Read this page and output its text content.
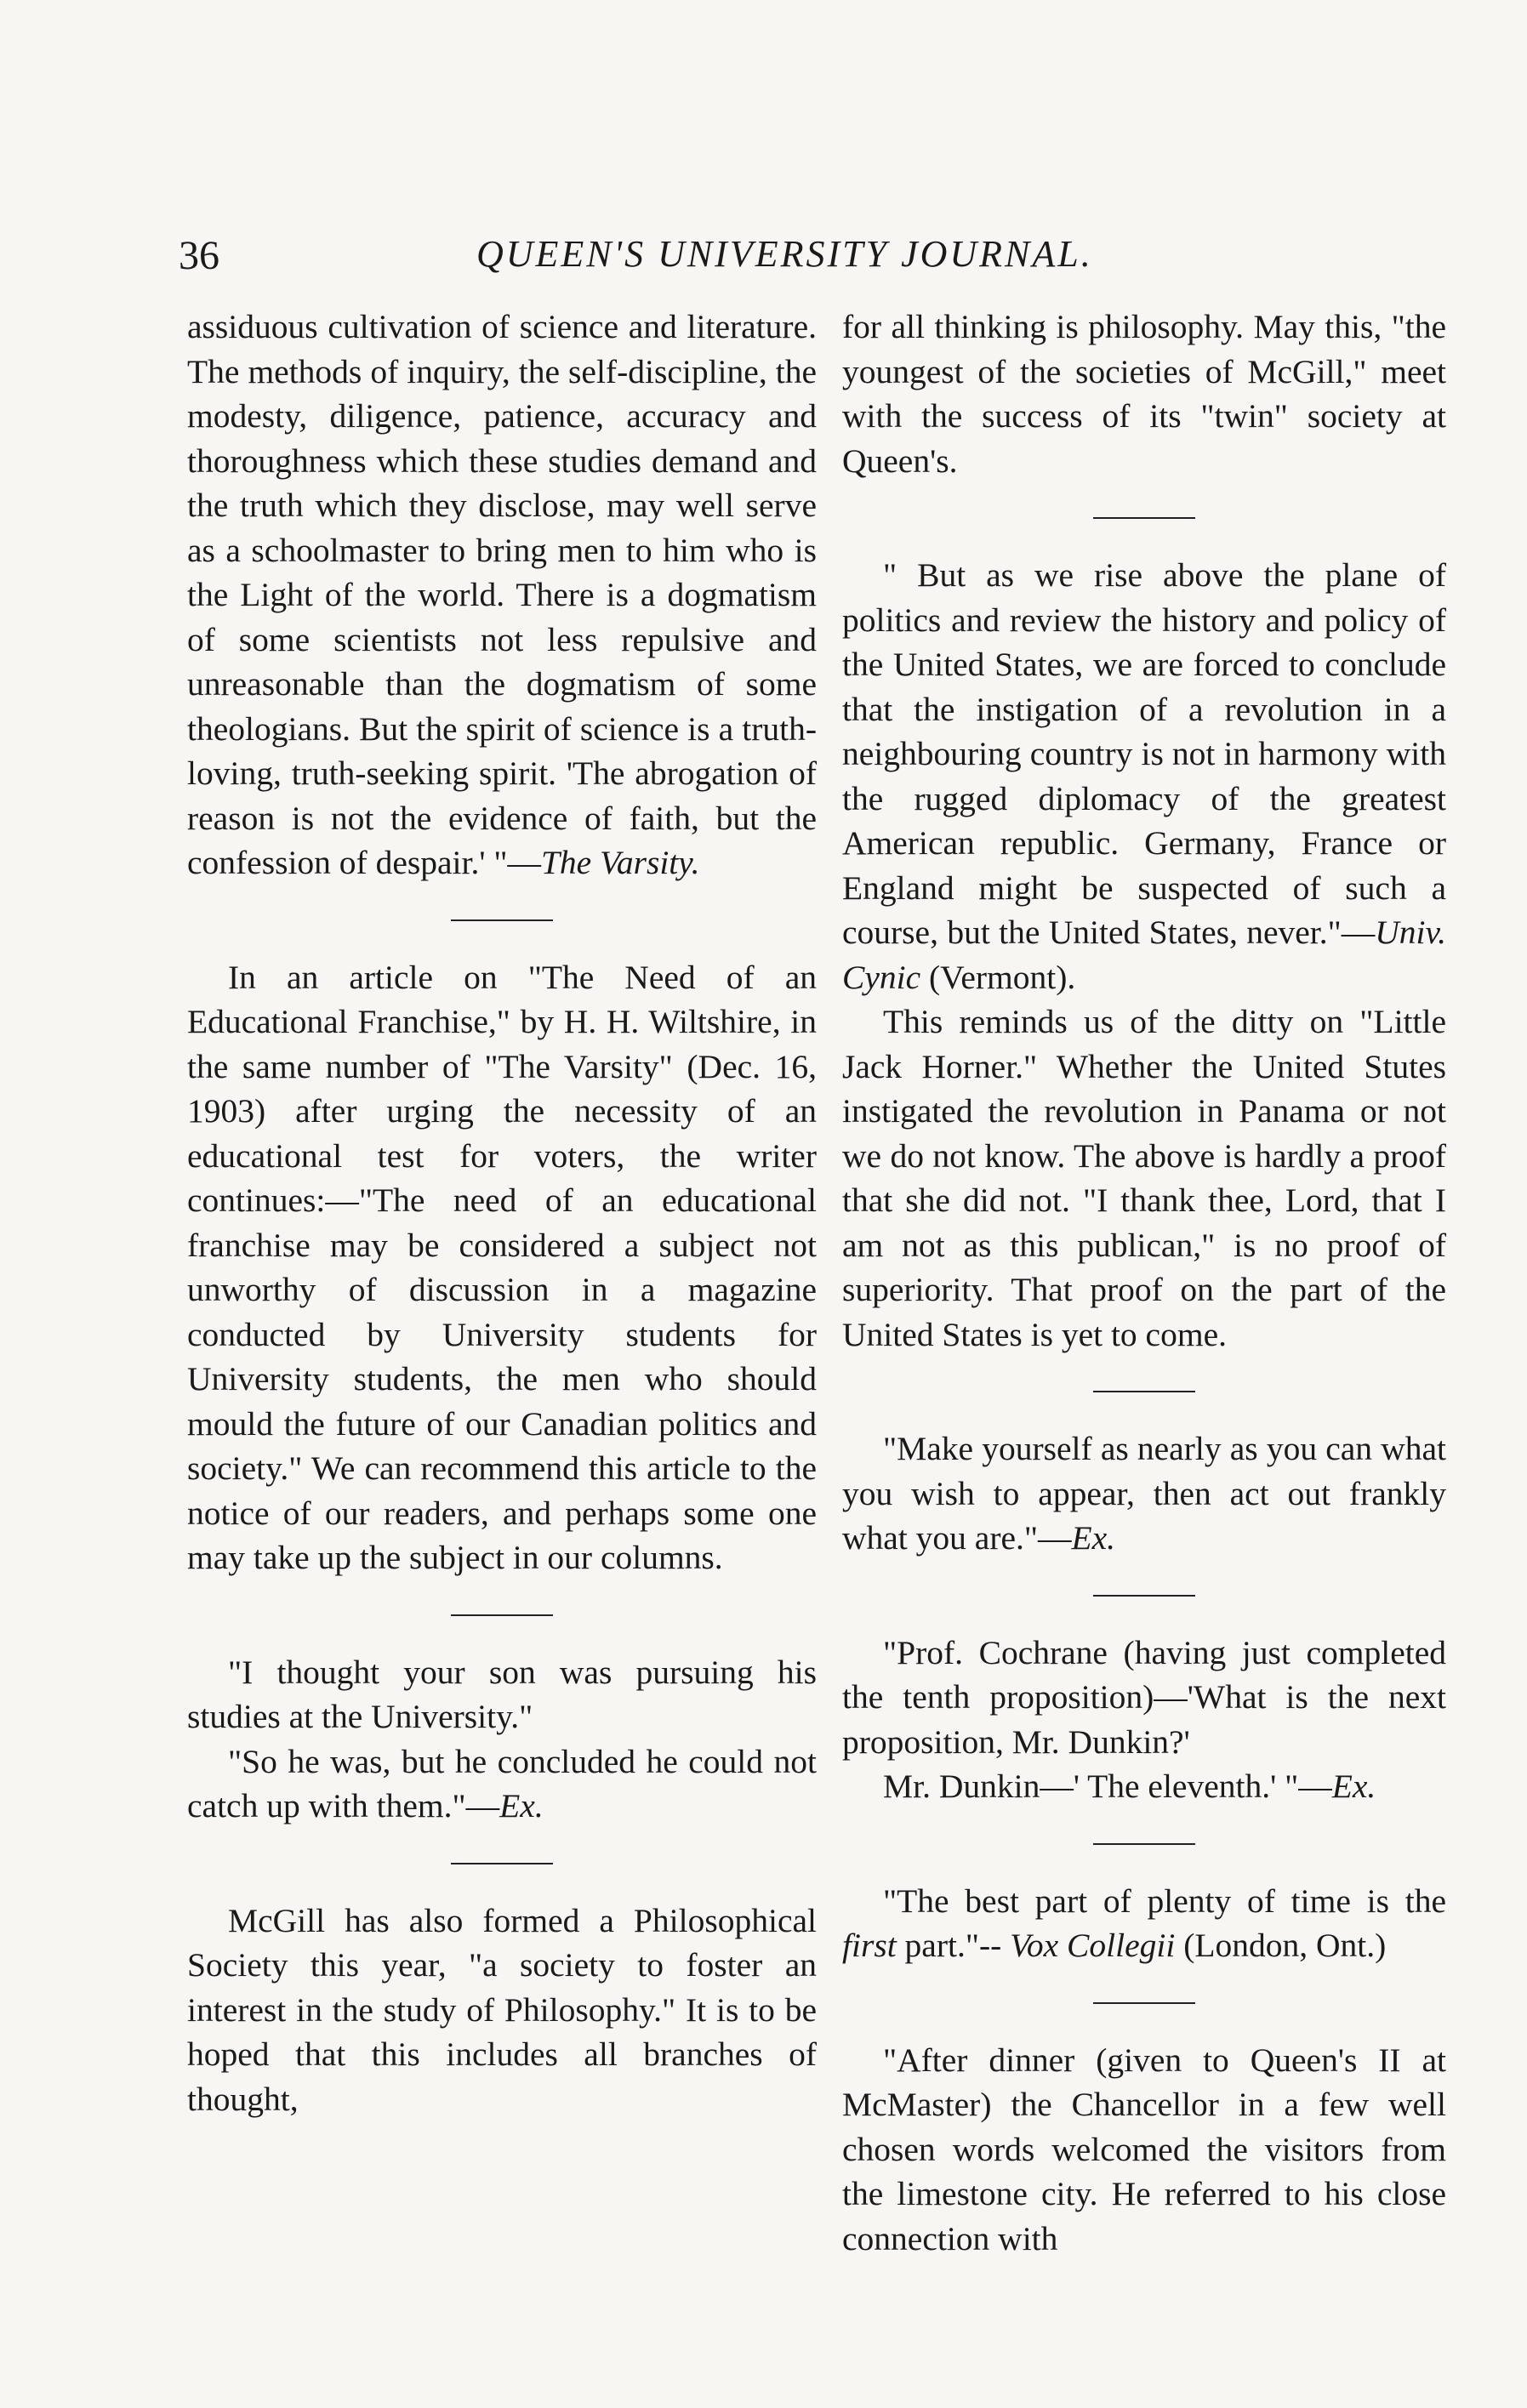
36	QUEEN'S UNIVERSITY JOURNAL.

assiduous cultivation of science and literature. The methods of inquiry, the self-discipline, the modesty, diligence, patience, accuracy and thoroughness which these studies demand and the truth which they disclose, may well serve as a schoolmaster to bring men to him who is the Light of the world. There is a dogmatism of some scientists not less repulsive and unreasonable than the dogmatism of some theologians. But the spirit of science is a truth-loving, truth-seeking spirit. 'The abrogation of reason is not the evidence of faith, but the confession of despair.' "—The Varsity.

In an article on "The Need of an Educational Franchise," by H. H. Wiltshire, in the same number of "The Varsity" (Dec. 16, 1903) after urging the necessity of an educational test for voters, the writer continues:—"The need of an educational franchise may be considered a subject not unworthy of discussion in a magazine conducted by University students for University students, the men who should mould the future of our Canadian politics and society." We can recommend this article to the notice of our readers, and perhaps some one may take up the subject in our columns.

"I thought your son was pursuing his studies at the University."

"So he was, but he concluded he could not catch up with them."—Ex.

McGill has also formed a Philosophical Society this year, "a society to foster an interest in the study of Philosophy." It is to be hoped that this includes all branches of thought,

for all thinking is philosophy. May this, "the youngest of the societies of McGill," meet with the success of its "twin" society at Queen's.

" But as we rise above the plane of politics and review the history and policy of the United States, we are forced to conclude that the instigation of a revolution in a neighbouring country is not in harmony with the rugged diplomacy of the greatest American republic. Germany, France or England might be suspected of such a course, but the United States, never."—Univ. Cynic (Vermont).

This reminds us of the ditty on "Little Jack Horner." Whether the United Stutes instigated the revolution in Panama or not we do not know. The above is hardly a proof that she did not. "I thank thee, Lord, that I am not as this publican," is no proof of superiority. That proof on the part of the United States is yet to come.

"Make yourself as nearly as you can what you wish to appear, then act out frankly what you are."—Ex.

"Prof. Cochrane (having just completed the tenth proposition)—'What is the next proposition, Mr. Dunkin?'

Mr. Dunkin—' The eleventh.' "—Ex.

"The best part of plenty of time is the first part."-- Vox Collegii (London, Ont.)

"After dinner (given to Queen's II at McMaster) the Chancellor in a few well chosen words welcomed the visitors from the limestone city. He referred to his close connection with
